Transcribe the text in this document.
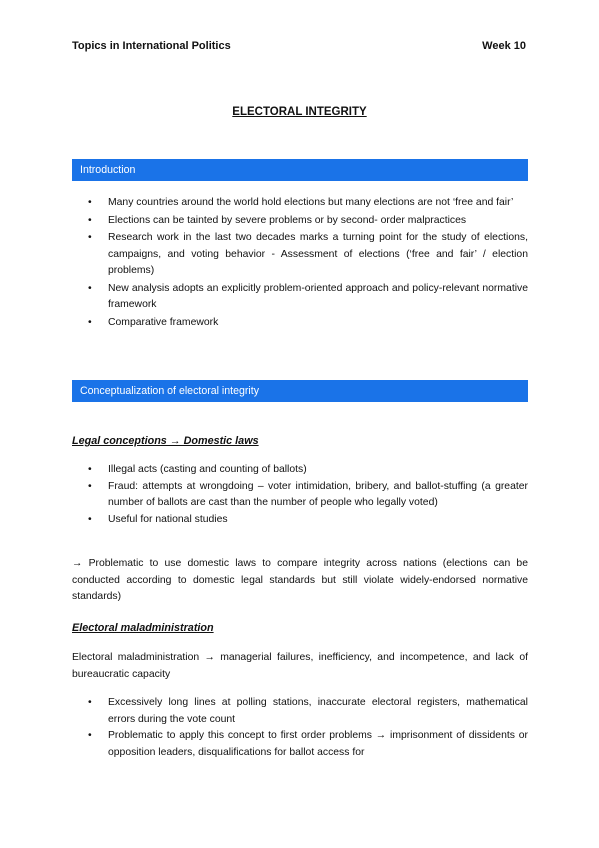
Topics in International Politics	Week 10
ELECTORAL INTEGRITY
Introduction
• Many countries around the world hold elections but many elections are not ‘free and fair’
• Elections can be tainted by severe problems or by second- order malpractices
• Research work in the last two decades marks a turning point for the study of elections, campaigns, and voting behavior - Assessment of elections (‘free and fair’ / election problems)
• New analysis adopts an explicitly problem-oriented approach and policy-relevant normative framework
• Comparative framework
Conceptualization of electoral integrity
Legal conceptions → Domestic laws
• Illegal acts (casting and counting of ballots)
• Fraud: attempts at wrongdoing – voter intimidation, bribery, and ballot-stuffing (a greater number of ballots are cast than the number of people who legally voted)
• Useful for national studies
→ Problematic to use domestic laws to compare integrity across nations (elections can be conducted according to domestic legal standards but still violate widely-endorsed normative standards)
Electoral maladministration
Electoral maladministration → managerial failures, inefficiency, and incompetence, and lack of bureaucratic capacity
• Excessively long lines at polling stations, inaccurate electoral registers, mathematical errors during the vote count
• Problematic to apply this concept to first order problems → imprisonment of dissidents or opposition leaders, disqualifications for ballot access for
